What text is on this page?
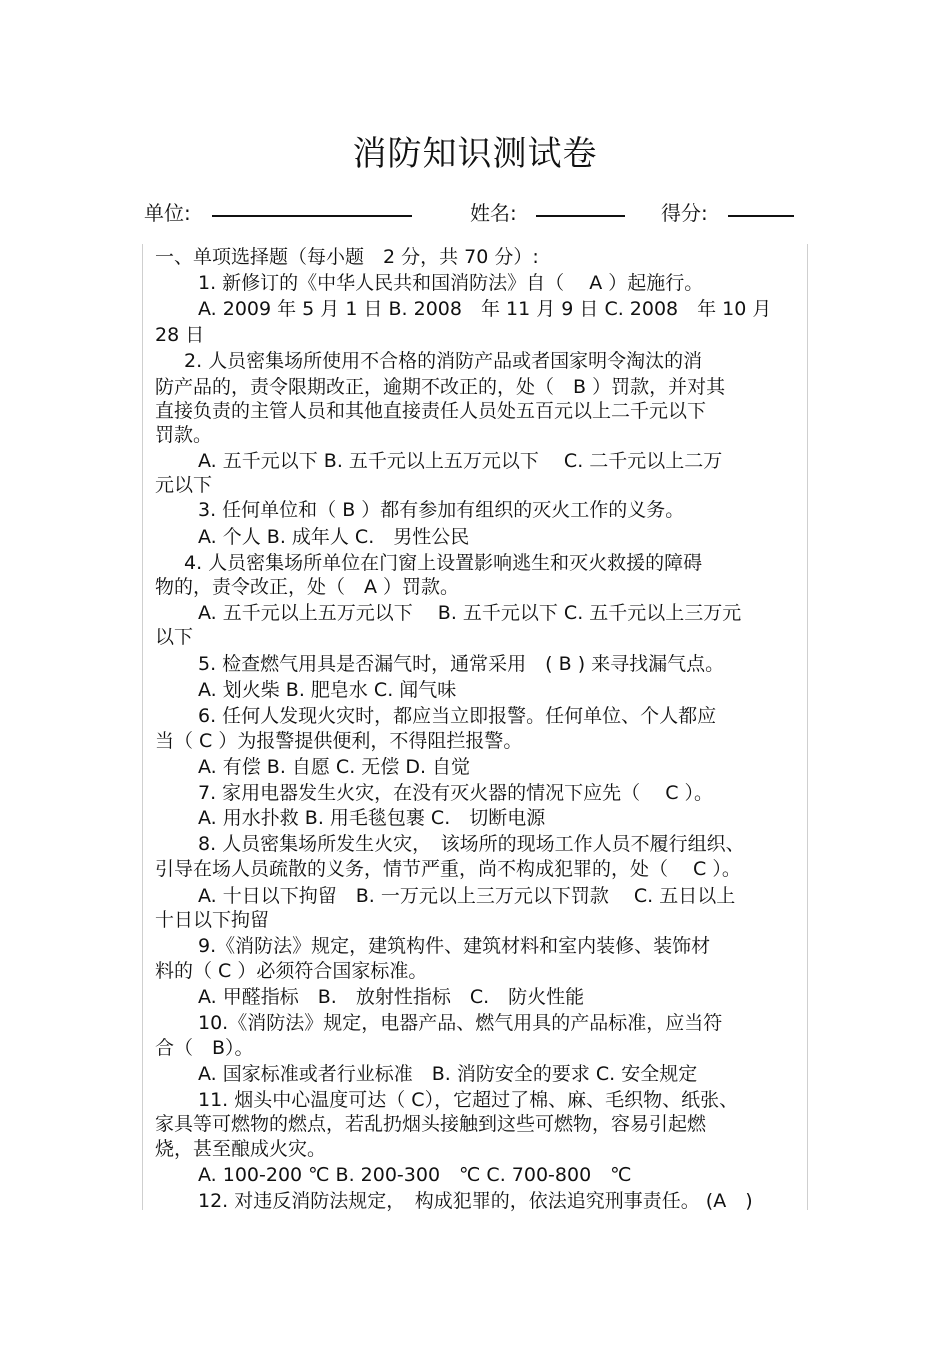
消防知识测试卷
单位:	姓名:	得分:
一、单项选择题（每小题　2 分，共 70 分）:
1. 新修订的《中华人民共和国消防法》自（　 A ）起施行。
A. 2009 年 5 月 1 日 B. 2008　年 11 月 9 日 C. 2008　年 10 月
28 日
2. 人员密集场所使用不合格的消防产品或者国家明令淘汰的消
防产品的，责令限期改正，逾期不改正的，处（　B ）罚款，并对其
直接负责的主管人员和其他直接责任人员处五百元以上二千元以下
罚款。
A. 五千元以下 B. 五千元以上五万元以下　 C. 二千元以上二万
元以下
3. 任何单位和（ B ）都有参加有组织的灭火工作的义务。
A. 个人 B. 成年人 C.　男性公民
4. 人员密集场所单位在门窗上设置影响逃生和灭火救援的障碍
物的，责令改正，处（　A ）罚款。
A. 五千元以上五万元以下　 B. 五千元以下 C. 五千元以上三万元
以下
5. 检查燃气用具是否漏气时，通常采用　( B ) 来寻找漏气点。
A. 划火柴 B. 肥皂水 C. 闻气味
6. 任何人发现火灾时，都应当立即报警。任何单位、个人都应
当（ C ）为报警提供便利，不得阻拦报警。
A. 有偿 B. 自愿 C. 无偿 D. 自觉
7. 家用电器发生火灾，在没有灭火器的情况下应先（　 C ）。
A. 用水扑救 B. 用毛毯包裹 C.　切断电源
8. 人员密集场所发生火灾，　该场所的现场工作人员不履行组织、
引导在场人员疏散的义务，情节严重，尚不构成犯罪的，处（　 C ）。
A. 十日以下拘留　B. 一万元以上三万元以下罚款　 C. 五日以上
十日以下拘留
9.《消防法》规定，建筑构件、建筑材料和室内装修、装饰材
料的（ C ）必须符合国家标准。
A. 甲醛指标　B.　放射性指标　C.　防火性能
10.《消防法》规定，电器产品、燃气用具的产品标准，应当符
合（　B）。
A. 国家标准或者行业标准　B. 消防安全的要求 C. 安全规定
11. 烟头中心温度可达（ C），它超过了棉、麻、毛织物、纸张、
家具等可燃物的燃点，若乱扔烟头接触到这些可燃物，容易引起燃
烧，甚至酿成火灾。
A. 100-200 ℃ B. 200-300　℃ C. 700-800　℃
12. 对违反消防法规定，　构成犯罪的，依法追究刑事责任。 (A　)
